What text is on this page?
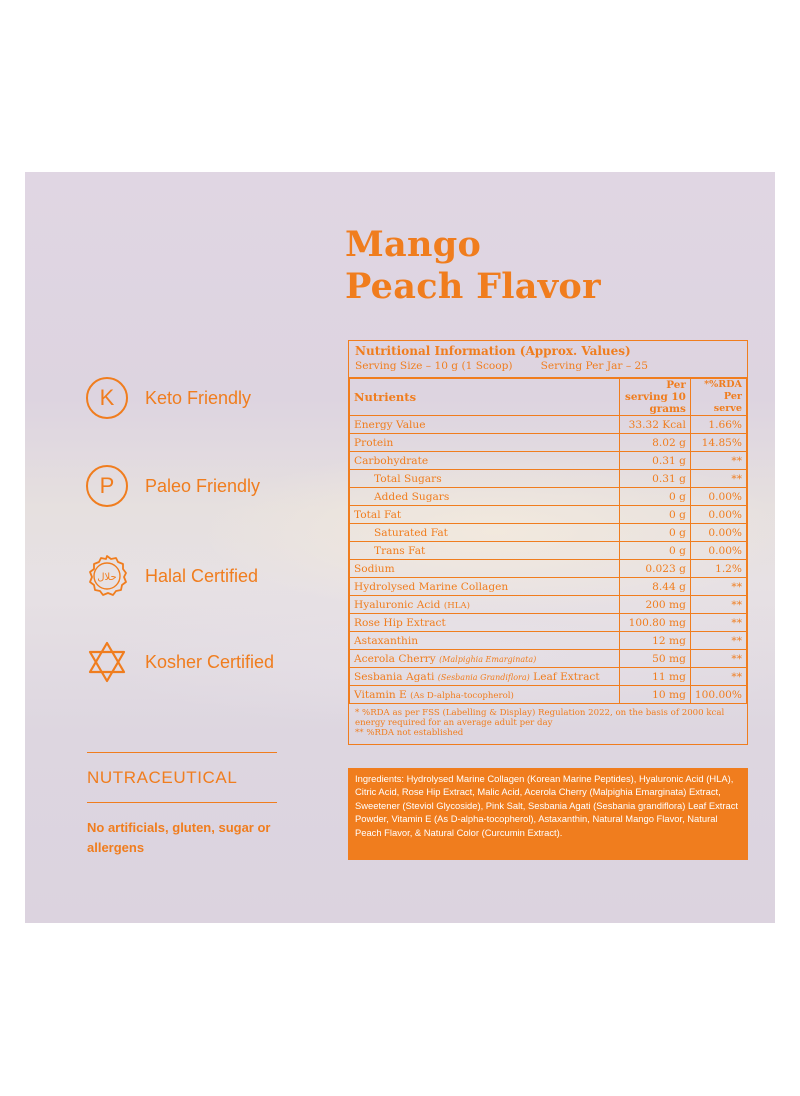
Mango
Peach Flavor
K	Keto Friendly
P	Paleo Friendly
حلال Halal Certified
Kosher Certified
NUTRACEUTICAL
No artificials, gluten, sugar or allergens
Nutritional Information (Approx. Values)
Serving Size – 10 g (1 Scoop)	Serving Per Jar – 25
Nutrients	Per serving 10 grams	*%RDA Per serve
Energy Value	33.32 Kcal	1.66%
Protein	8.02 g	14.85%
Carbohydrate	0.31 g	**
Total Sugars	0.31 g	**
Added Sugars	0 g	0.00%
Total Fat	0 g	0.00%
Saturated Fat	0 g	0.00%
Trans Fat	0 g	0.00%
Sodium	0.023 g	1.2%
Hydrolysed Marine Collagen	8.44 g	**
Hyaluronic Acid (HLA)	200 mg	**
Rose Hip Extract	100.80 mg	**
Astaxanthin	12 mg	**
Acerola Cherry (Malpighia Emarginata)	50 mg	**
Sesbania Agati (Sesbania Grandiflora) Leaf Extract	11 mg	**
Vitamin E (As D-alpha-tocopherol)	10 mg	100.00%
* %RDA as per FSS (Labelling & Display) Regulation 2022, on the basis of 2000 kcal energy required for an average adult per day
** %RDA not established
Ingredients: Hydrolysed Marine Collagen (Korean Marine Peptides), Hyaluronic Acid (HLA), Citric Acid, Rose Hip Extract, Malic Acid, Acerola Cherry (Malpighia Emarginata) Extract, Sweetener (Steviol Glycoside), Pink Salt, Sesbania Agati (Sesbania grandiflora) Leaf Extract Powder, Vitamin E (As D-alpha-tocopherol), Astaxanthin, Natural Mango Flavor, Natural Peach Flavor, & Natural Color (Curcumin Extract).
